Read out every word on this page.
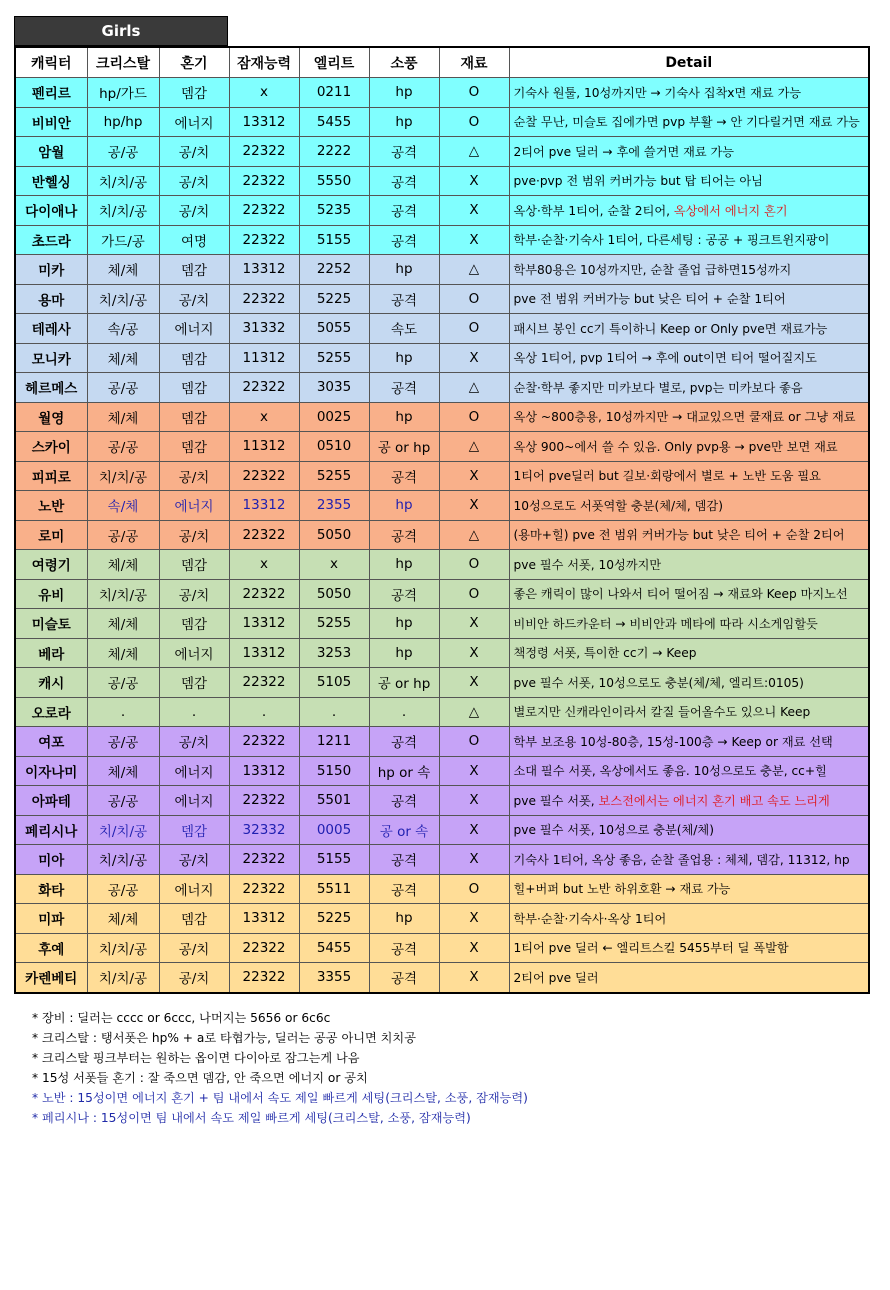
Girls
캐릭터	크리스탈	혼기	잠재능력	엘리트	소풍	재료	Detail
펜리르	hp/가드	뎀감	x	0211	hp	O	기숙사 원툴, 10성까지만 → 기숙사 집착x면 재료 가능
비비안	hp/hp	에너지	13312	5455	hp	O	순찰 무난, 미슬토 집에가면 pvp 부활 → 안 기다릴거면 재료 가능
암월	공/공	공/치	22322	2222	공격	△	2티어 pve 딜러 → 후에 쓸거면 재료 가능
반헬싱	치/치/공	공/치	22322	5550	공격	X	pve·pvp 전 범위 커버가능 but 탑 티어는 아님
다이애나	치/치/공	공/치	22322	5235	공격	X	옥상·학부 1티어, 순찰 2티어, 옥상에서 에너지 혼기
초드라	가드/공	여명	22322	5155	공격	X	학부·순찰·기숙사 1티어, 다른세팅 : 공공 + 핑크트윈지팡이
미카	체/체	뎀감	13312	2252	hp	△	학부80용은 10성까지만, 순찰 졸업 급하면15성까지
용마	치/치/공	공/치	22322	5225	공격	O	pve 전 범위 커버가능 but 낮은 티어 + 순찰 1티어
테레사	속/공	에너지	31332	5055	속도	O	패시브 봉인 cc기 특이하니 Keep or Only pve면 재료가능
모니카	체/체	뎀감	11312	5255	hp	X	옥상 1티어, pvp 1티어 → 후에 out이면 티어 떨어질지도
헤르메스	공/공	뎀감	22322	3035	공격	△	순찰·학부 좋지만 미카보다 별로, pvp는 미카보다 좋음
월영	체/체	뎀감	x	0025	hp	O	옥상 ~800층용, 10성까지만 → 대교있으면 쿨재료 or 그냥 재료
스카이	공/공	뎀감	11312	0510	공 or hp	△	옥상 900~에서 쓸 수 있음. Only pvp용 → pve만 보면 재료
피피로	치/치/공	공/치	22322	5255	공격	X	1티어 pve딜러 but 길보·회랑에서 별로 + 노반 도움 필요
노반	속/체	에너지	13312	2355	hp	X	10성으로도 서폿역할 충분(체/체, 뎀감)
로미	공/공	공/치	22322	5050	공격	△	(용마+힐) pve 전 범위 커버가능 but 낮은 티어 + 순찰 2티어
여령기	체/체	뎀감	x	x	hp	O	pve 필수 서폿, 10성까지만
유비	치/치/공	공/치	22322	5050	공격	O	좋은 캐릭이 많이 나와서 티어 떨어짐 → 재료와 Keep 마지노선
미슬토	체/체	뎀감	13312	5255	hp	X	비비안 하드카운터 → 비비안과 메타에 따라 시소게임할듯
베라	체/체	에너지	13312	3253	hp	X	책정령 서폿, 특이한 cc기 → Keep
캐시	공/공	뎀감	22322	5105	공 or hp	X	pve 필수 서폿, 10성으로도 충분(체/체, 엘리트:0105)
오로라	.	.	.	.	.	△	별로지만 신캐라인이라서 칼질 들어올수도 있으니 Keep
여포	공/공	공/치	22322	1211	공격	O	학부 보조용 10성-80층, 15성-100층 → Keep or 재료 선택
이자나미	체/체	에너지	13312	5150	hp or 속	X	소대 필수 서폿, 옥상에서도 좋음. 10성으로도 충분, cc+힐
아파테	공/공	에너지	22322	5501	공격	X	pve 필수 서폿, 보스전에서는 에너지 혼기 배고 속도 느리게
페리시나	치/치/공	뎀감	32332	0005	공 or 속	X	pve 필수 서폿, 10성으로 충분(체/체)
미아	치/치/공	공/치	22322	5155	공격	X	기숙사 1티어, 옥상 좋음, 순찰 졸업용 : 체체, 뎀감, 11312, hp
화타	공/공	에너지	22322	5511	공격	O	힐+버퍼 but 노반 하위호환 → 재료 가능
미파	체/체	뎀감	13312	5225	hp	X	학부·순찰·기숙사·옥상 1티어
후예	치/치/공	공/치	22322	5455	공격	X	1티어 pve 딜러 ← 엘리트스킬 5455부터 딜 폭발함
카렌베티	치/치/공	공/치	22322	3355	공격	X	2티어 pve 딜러
* 장비 : 딜러는 cccc or 6ccc, 나머지는 5656 or 6c6c
* 크리스탈 : 탱서폿은 hp% + a로 타협가능, 딜러는 공공 아니면 치치공
* 크리스탈 핑크부터는 원하는 옵이면 다이아로 잠그는게 나음
* 15성 서폿들 혼기 : 잘 죽으면 뎀감, 안 죽으면 에너지 or 공치
* 노반 : 15성이면 에너지 혼기 + 팀 내에서 속도 제일 빠르게 세팅(크리스탈, 소풍, 잠재능력)
* 페리시나 : 15성이면 팀 내에서 속도 제일 빠르게 세팅(크리스탈, 소풍, 잠재능력)
